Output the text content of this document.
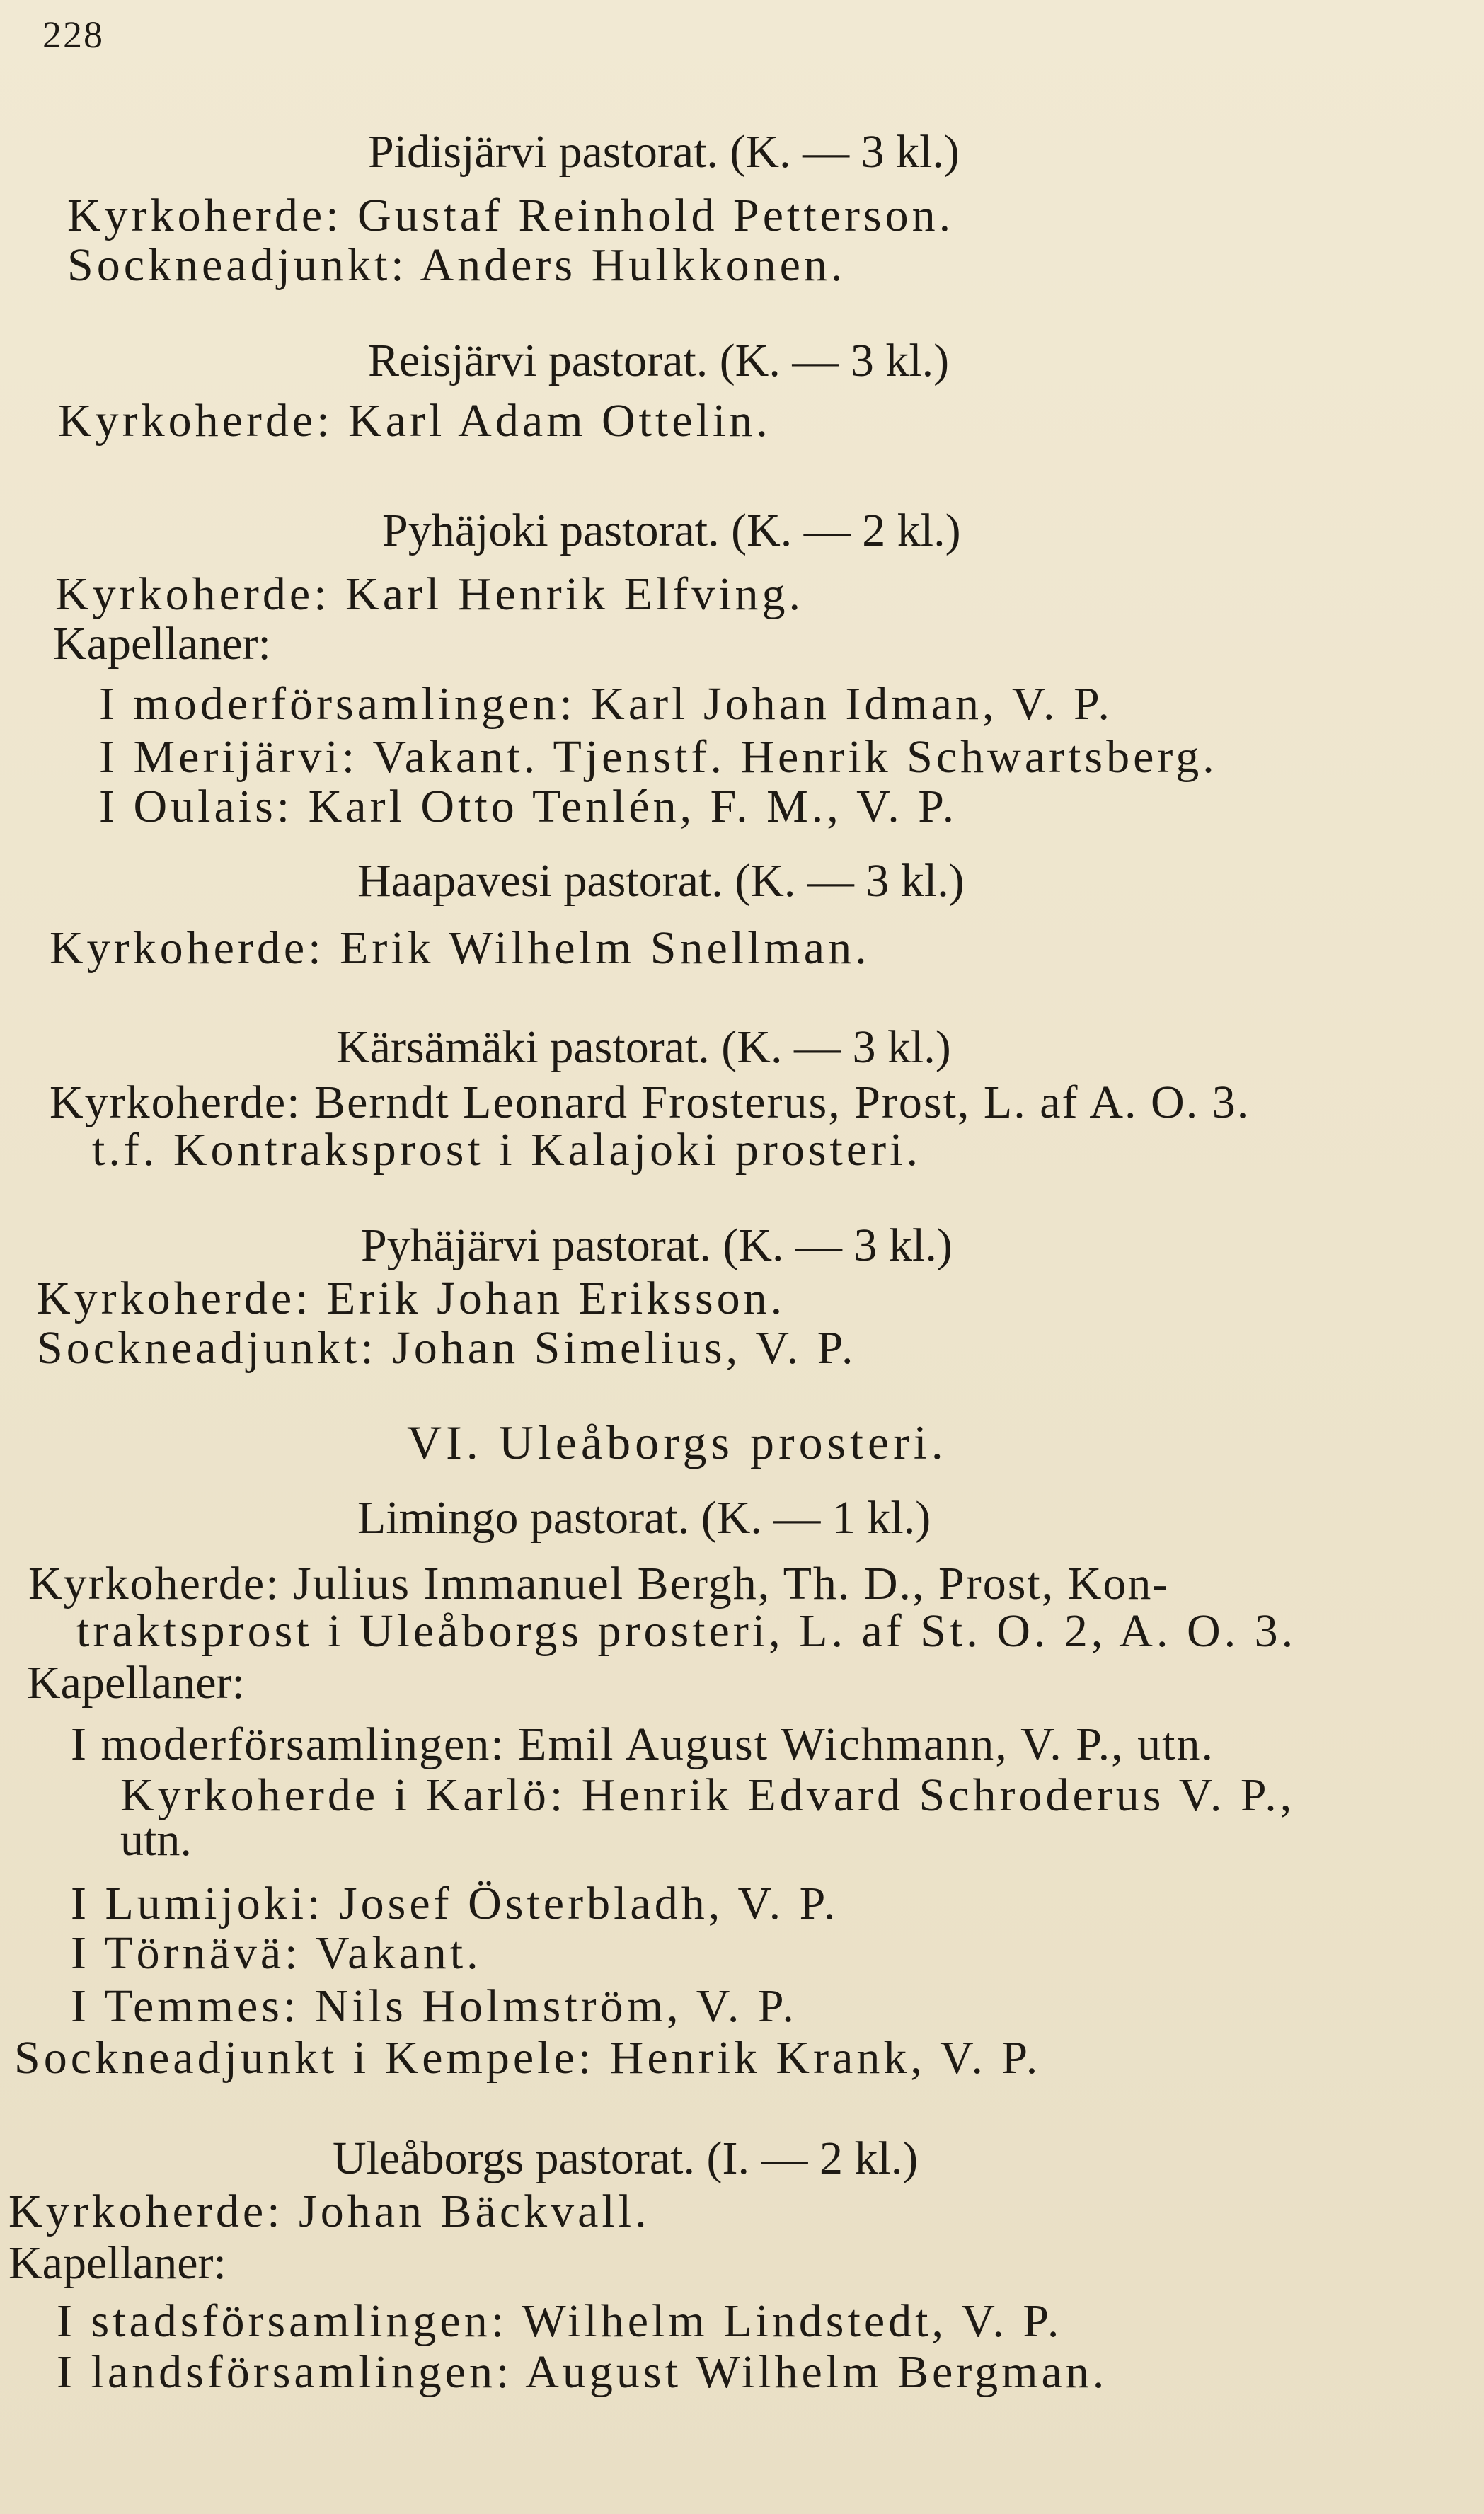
228
Pidisjärvi pastorat. (K. — 3 kl.)
Kyrkoherde: Gustaf Reinhold Petterson.
Sockneadjunkt: Anders Hulkkonen.
Reisjärvi pastorat. (K. — 3 kl.)
Kyrkoherde: Karl Adam Ottelin.
Pyhäjoki pastorat. (K. — 2 kl.)
Kyrkoherde: Karl Henrik Elfving.
Kapellaner:
I moderförsamlingen: Karl Johan Idman, V. P.
I Merijärvi: Vakant. Tjenstf. Henrik Schwartsberg.
I Oulais: Karl Otto Tenlén, F. M., V. P.
Haapavesi pastorat. (K. — 3 kl.)
Kyrkoherde: Erik Wilhelm Snellman.
Kärsämäki pastorat. (K. — 3 kl.)
Kyrkoherde: Berndt Leonard Frosterus, Prost, L. af A. O. 3.
t.f. Kontraksprost i Kalajoki prosteri.
Pyhäjärvi pastorat. (K. — 3 kl.)
Kyrkoherde: Erik Johan Eriksson.
Sockneadjunkt: Johan Simelius, V. P.
VI. Uleåborgs prosteri.
Limingo pastorat. (K. — 1 kl.)
Kyrkoherde: Julius Immanuel Bergh, Th. D., Prost, Kon-
traktsprost i Uleåborgs prosteri, L. af St. O. 2, A. O. 3.
Kapellaner:
I moderförsamlingen: Emil August Wichmann, V. P., utn.
Kyrkoherde i Karlö: Henrik Edvard Schroderus V. P.,
utn.
I Lumijoki: Josef Österbladh, V. P.
I Törnävä: Vakant.
I Temmes: Nils Holmström, V. P.
Sockneadjunkt i Kempele: Henrik Krank, V. P.
Uleåborgs pastorat. (I. — 2 kl.)
Kyrkoherde: Johan Bäckvall.
Kapellaner:
I stadsförsamlingen: Wilhelm Lindstedt, V. P.
I landsförsamlingen: August Wilhelm Bergman.
